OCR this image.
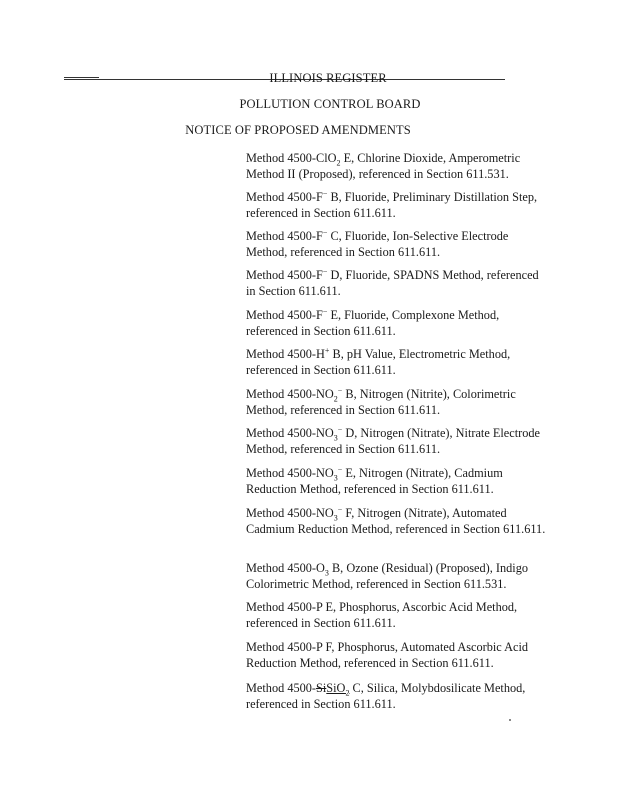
ILLINOIS REGISTER
POLLUTION CONTROL BOARD
NOTICE OF PROPOSED AMENDMENTS

Method 4500-ClO$_2$ E, Chlorine Dioxide, Amperometric Method II (Proposed), referenced in Section 611.531.

Method 4500-F− B, Fluoride, Preliminary Distillation Step, referenced in Section 611.611.

Method 4500-F− C, Fluoride, Ion-Selective Electrode Method, referenced in Section 611.611.

Method 4500-F− D, Fluoride, SPADNS Method, referenced in Section 611.611.

Method 4500-F− E, Fluoride, Complexone Method, referenced in Section 611.611.

Method 4500-H+ B, pH Value, Electrometric Method, referenced in Section 611.611.

Method $4500-NO_2^-$ B, Nitrogen (Nitrite), Colorimetric Method, referenced in Section 611.611.

Method $4500-NO_3^-$ D, Nitrogen (Nitrate), Nitrate Electrode Method, referenced in Section 611.611.

Method $4500-NO_3^-$ E, Nitrogen (Nitrate), Cadmium Reduction Method, referenced in Section 611.611.

Method $4500-NO_3^-$ F, Nitrogen (Nitrate), Automated Cadmium Reduction Method, referenced in Section 611.611.

Method $4500-O_3$ B, Ozone (Residual) (Proposed), Indigo Colorimetric Method, referenced in Section 611.531.

Method 4500-P E, Phosphorus, Ascorbic Acid Method, referenced in Section 611.611.

Method 4500-P F, Phosphorus, Automated Ascorbic Acid Reduction Method, referenced in Section 611.611.

Method 4500-SiSiO$_2$ C, Silica, Molybdosilicate Method, referenced in Section 611.611.
